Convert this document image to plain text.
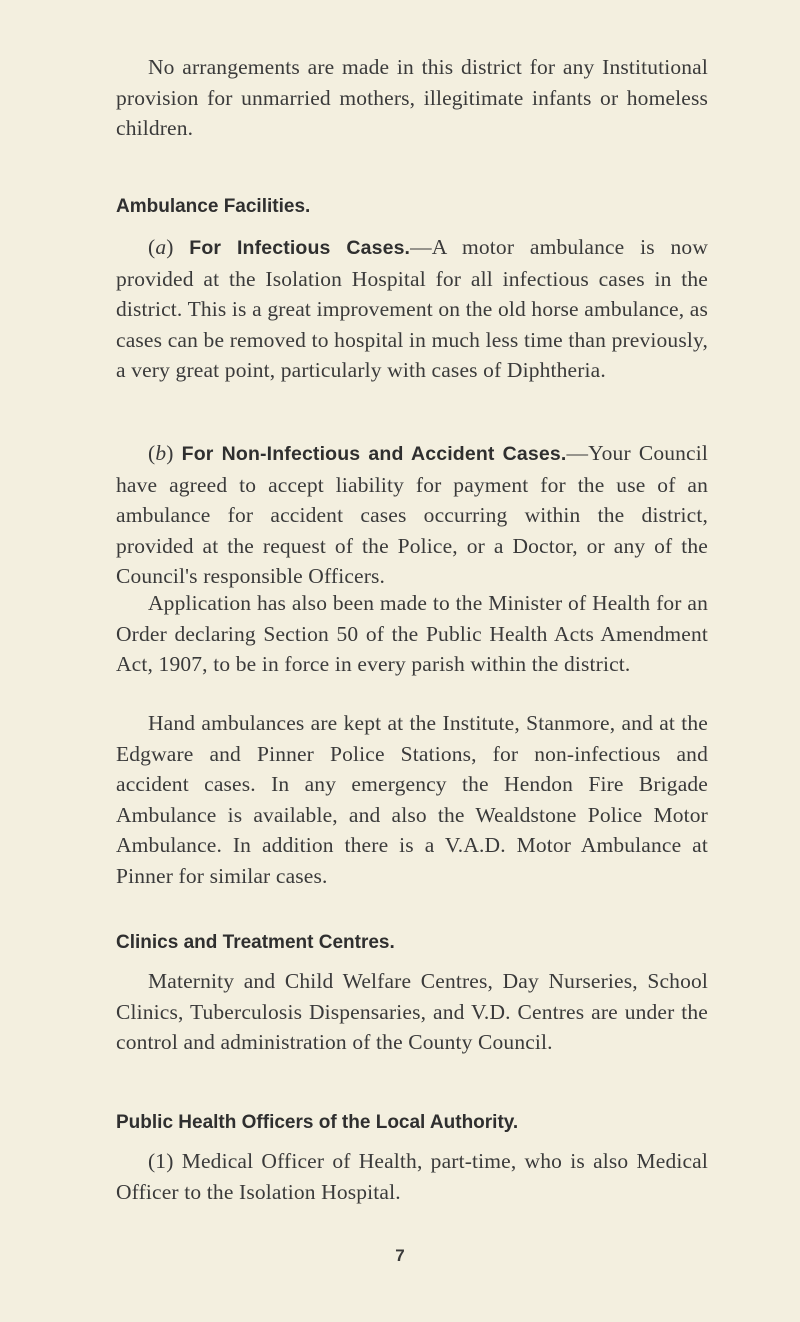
No arrangements are made in this district for any Institutional provision for unmarried mothers, illegitimate infants or homeless children.

Ambulance Facilities.

(a) For Infectious Cases.—A motor ambulance is now provided at the Isolation Hospital for all infectious cases in the district. This is a great improvement on the old horse ambulance, as cases can be removed to hospital in much less time than previously, a very great point, particularly with cases of Diphtheria.

(b) For Non-Infectious and Accident Cases.—Your Council have agreed to accept liability for payment for the use of an ambulance for accident cases occurring within the district, provided at the request of the Police, or a Doctor, or any of the Council's responsible Officers.

Application has also been made to the Minister of Health for an Order declaring Section 50 of the Public Health Acts Amendment Act, 1907, to be in force in every parish within the district.

Hand ambulances are kept at the Institute, Stanmore, and at the Edgware and Pinner Police Stations, for non-infectious and accident cases. In any emergency the Hendon Fire Brigade Ambulance is available, and also the Wealdstone Police Motor Ambulance. In addition there is a V.A.D. Motor Ambulance at Pinner for similar cases.

Clinics and Treatment Centres.

Maternity and Child Welfare Centres, Day Nurseries, School Clinics, Tuberculosis Dispensaries, and V.D. Centres are under the control and administration of the County Council.

Public Health Officers of the Local Authority.

(1) Medical Officer of Health, part-time, who is also Medical Officer to the Isolation Hospital.

7
